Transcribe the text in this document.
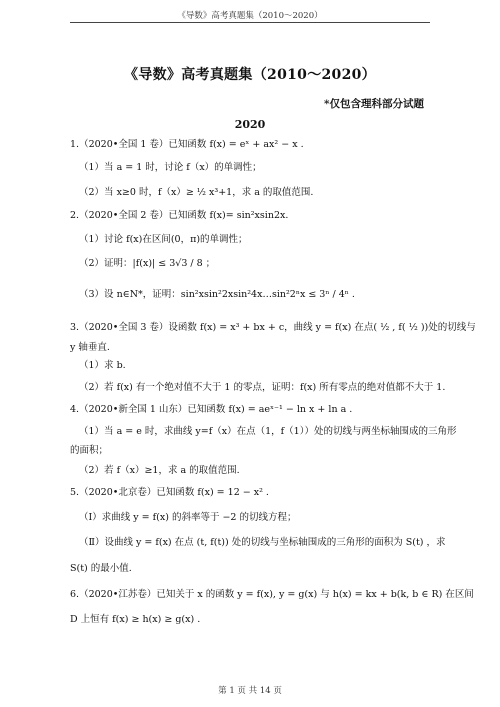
《导数》高考真题集（2010～2020）
《导数》高考真题集（2010～2020）
*仅包含理科部分试题
2020
1.（2020•全国 1 卷）已知函数 f(x) = eˣ + ax² − x .
（1）当 a = 1 时，讨论 f（x）的单调性；
（2）当 x≥0 时，f（x）≥ ½ x³+1，求 a 的取值范围.
2.（2020•全国 2 卷）已知函数 f(x)= sin²xsin2x.
（1）讨论 f(x)在区间(0，π)的单调性；
（2）证明：|f(x)| ≤ 3√3 / 8 ；
（3）设 n∈N*，证明：sin²xsin²2xsin²4x…sin²2ⁿx ≤ 3ⁿ / 4ⁿ .
3.（2020•全国 3 卷）设函数 f(x) = x³ + bx + c，曲线 y = f(x) 在点( ½ , f( ½ ))处的切线与
y 轴垂直.
（1）求 b.
（2）若 f(x) 有一个绝对值不大于 1 的零点，证明：f(x) 所有零点的绝对值都不大于 1.
4.（2020•新全国 1 山东）已知函数 f(x) = aeˣ⁻¹ − ln x + ln a .
（1）当 a = e 时，求曲线 y=f（x）在点（1，f（1））处的切线与两坐标轴围成的三角形
的面积；
（2）若 f（x）≥1，求 a 的取值范围.
5.（2020•北京卷）已知函数 f(x) = 12 − x² .
（Ⅰ）求曲线 y = f(x) 的斜率等于 −2 的切线方程；
（Ⅱ）设曲线 y = f(x) 在点 (t, f(t)) 处的切线与坐标轴围成的三角形的面积为 S(t) ，求
S(t) 的最小值.
6.（2020•江苏卷）已知关于 x 的函数 y = f(x), y = g(x) 与 h(x) = kx + b(k, b ∈ R) 在区间
D 上恒有 f(x) ≥ h(x) ≥ g(x) .
第 1 页 共 14 页
